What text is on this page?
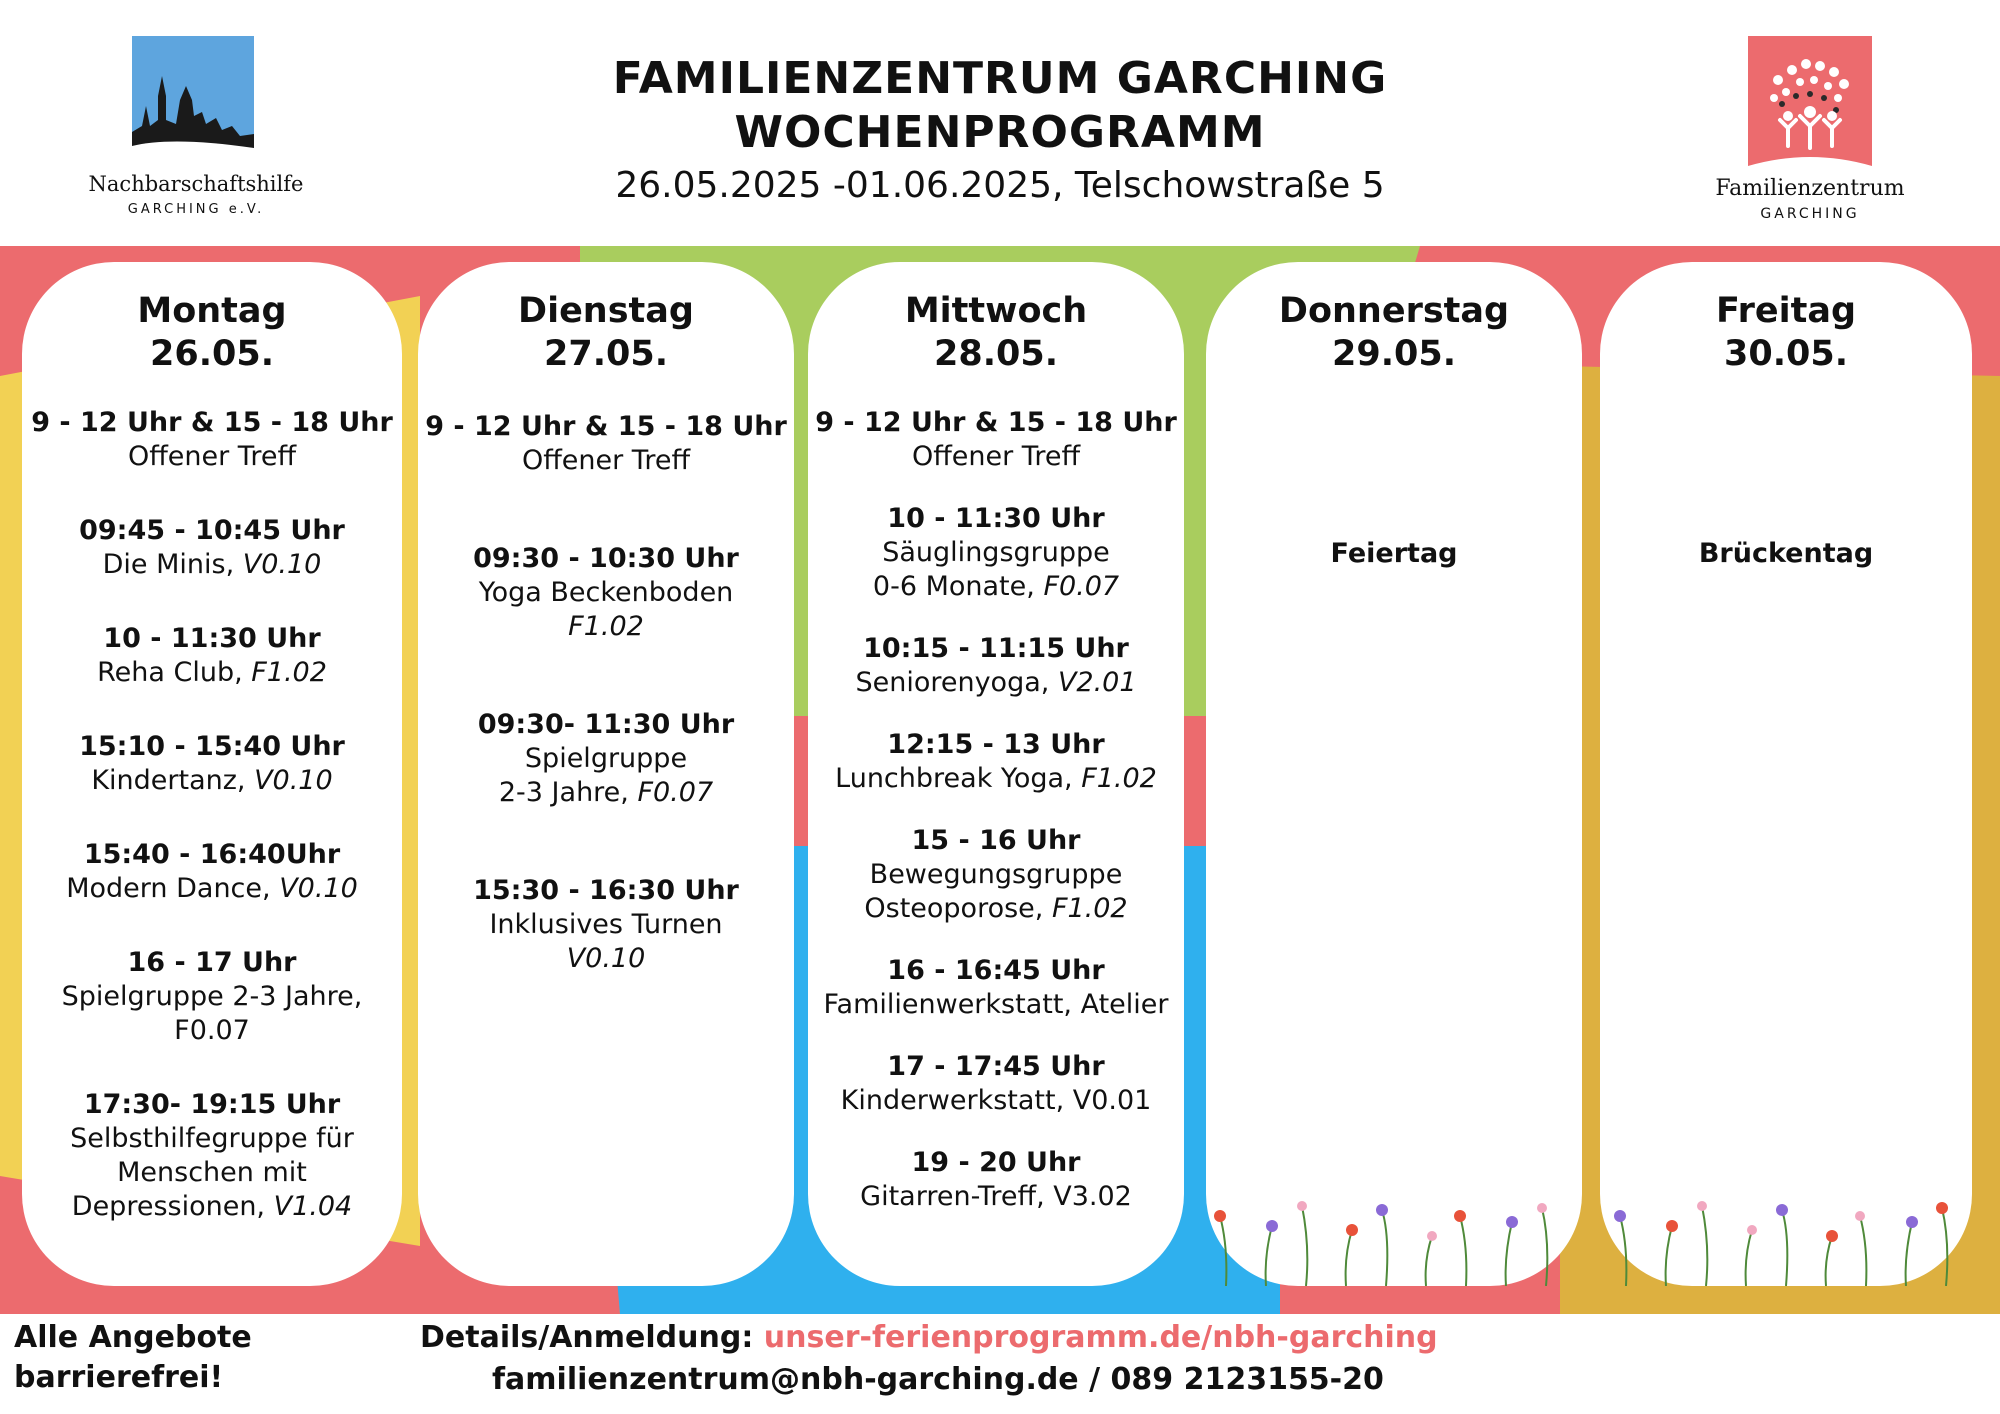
Nachbarschaftshilfe
GARCHING e.V.
FAMILIENZENTRUM GARCHING
WOCHENPROGRAMM
26.05.2025 -01.06.2025, Telschowstraße 5	Familienzentrum
GARCHING
Montag
26.05.
9 - 12 Uhr & 15 - 18 Uhr
Offener Treff
09:45 - 10:45 Uhr
Die Minis, V0.10
10 - 11:30 Uhr
Reha Club, F1.02
15:10 - 15:40 Uhr
Kindertanz, V0.10
15:40 - 16:40Uhr
Modern Dance, V0.10
16 - 17 Uhr
Spielgruppe 2-3 Jahre,
F0.07
17:30- 19:15 Uhr
Selbsthilfegruppe für
Menschen mit
Depressionen, V1.04
Dienstag
27.05.
9 - 12 Uhr & 15 - 18 Uhr
Offener Treff
09:30 - 10:30 Uhr
Yoga Beckenboden
F1.02
09:30- 11:30 Uhr
Spielgruppe
2-3 Jahre, F0.07
15:30 - 16:30 Uhr
Inklusives Turnen
V0.10
Mittwoch
28.05.
9 - 12 Uhr & 15 - 18 Uhr
Offener Treff
10 - 11:30 Uhr
Säuglingsgruppe
0-6 Monate, F0.07
10:15 - 11:15 Uhr
Seniorenyoga, V2.01
12:15 - 13 Uhr
Lunchbreak Yoga, F1.02
15 - 16 Uhr
Bewegungsgruppe
Osteoporose, F1.02
16 - 16:45 Uhr
Familienwerkstatt, Atelier
17 - 17:45 Uhr
Kinderwerkstatt, V0.01
19 - 20 Uhr
Gitarren-Treff, V3.02
Donnerstag
29.05.
Feiertag
Freitag
30.05.
Brückentag
Alle Angebote
barrierefrei!
Details/Anmeldung: unser-ferienprogramm.de/nbh-garching
familienzentrum@nbh-garching.de / 089 2123155-20
